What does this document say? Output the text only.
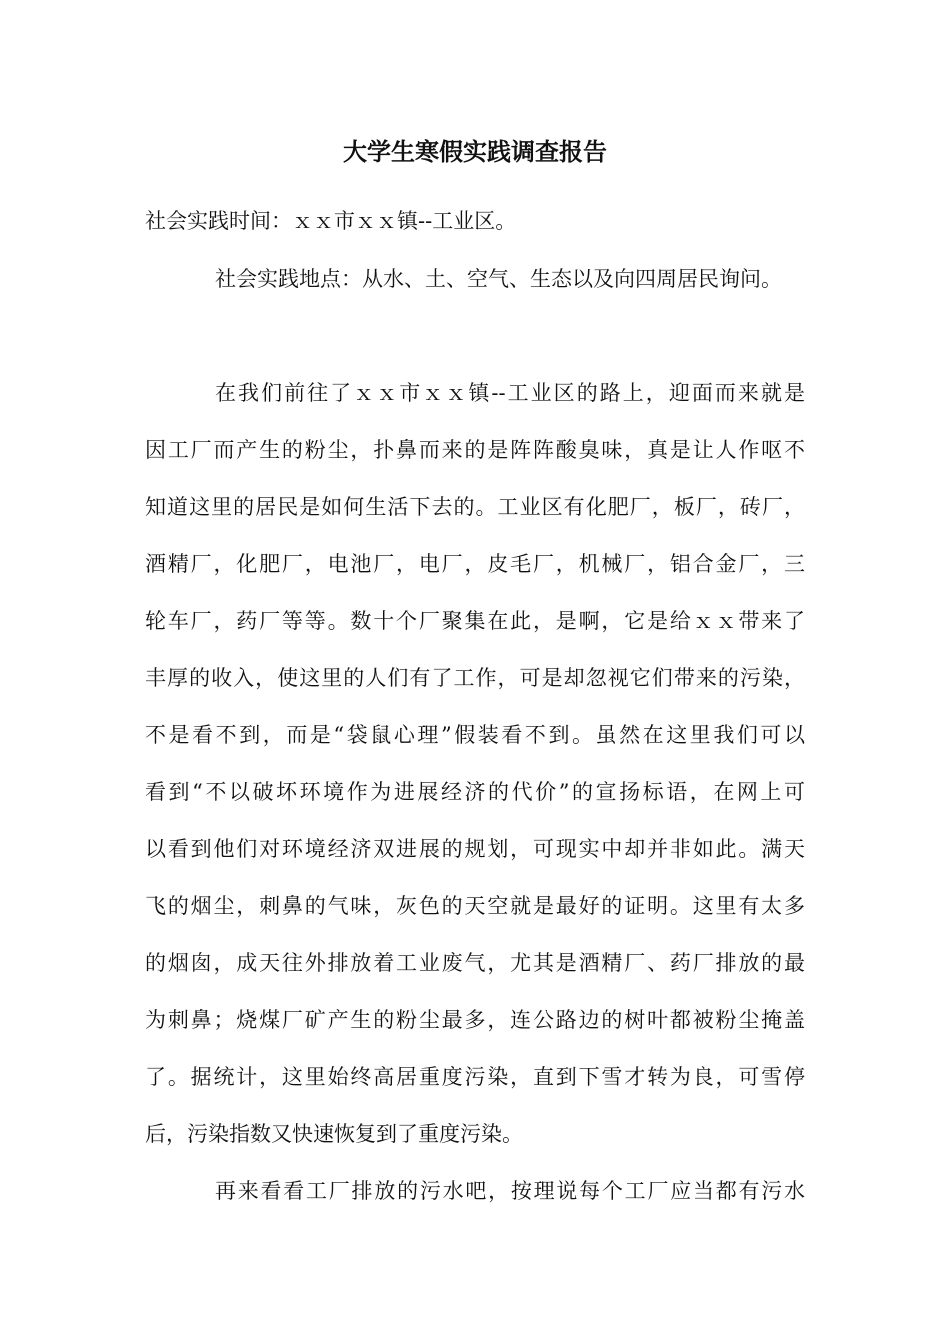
大学生寒假实践调查报告
社会实践时间：ｘｘ市ｘｘ镇--工业区。
社会实践地点：从水、土、空气、生态以及向四周居民询问。
在我们前往了ｘｘ市ｘｘ镇--工业区的路上，迎面而来就是
因工厂而产生的粉尘，扑鼻而来的是阵阵酸臭味，真是让人作呕不
知道这里的居民是如何生活下去的。工业区有化肥厂，板厂，砖厂，
酒精厂，化肥厂，电池厂，电厂，皮毛厂，机械厂，铝合金厂，三
轮车厂，药厂等等。数十个厂聚集在此，是啊，它是给ｘｘ带来了
丰厚的收入，使这里的人们有了工作，可是却忽视它们带来的污染，
不是看不到，而是“袋鼠心理”假装看不到。虽然在这里我们可以
看到“不以破坏环境作为进展经济的代价”的宣扬标语，在网上可
以看到他们对环境经济双进展的规划，可现实中却并非如此。满天
飞的烟尘，刺鼻的气味，灰色的天空就是最好的证明。这里有太多
的烟囱，成天往外排放着工业废气，尤其是酒精厂、药厂排放的最
为刺鼻；烧煤厂矿产生的粉尘最多，连公路边的树叶都被粉尘掩盖
了。据统计，这里始终高居重度污染，直到下雪才转为良，可雪停
后，污染指数又快速恢复到了重度污染。
再来看看工厂排放的污水吧，按理说每个工厂应当都有污水
